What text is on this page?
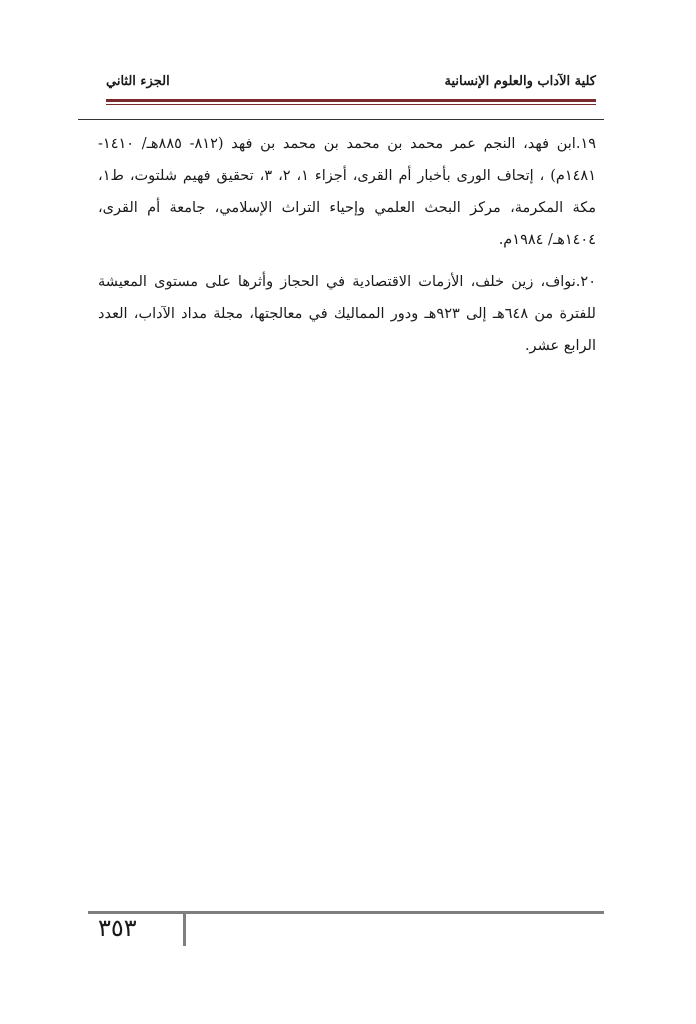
كلية الآداب والعلوم الإنسانية
الجزء الثاني

١٩.ابن فهد، النجم عمر محمد بن محمد بن محمد بن فهد (٨١٢- ٨٨٥هـ/ ١٤١٠- ١٤٨١م) ، إتحاف الورى بأخبار أم القرى، أجزاء ١، ٢، ٣، تحقيق فهيم شلتوت، ط١، مكة المكرمة، مركز البحث العلمي وإحياء التراث الإسلامي، جامعة أم القرى، ١٤٠٤هـ/ ١٩٨٤م.

٢٠.نواف، زين خلف، الأزمات الاقتصادية في الحجاز وأثرها على مستوى المعيشة للفترة من ٦٤٨هـ إلى ٩٢٣هـ ودور المماليك في معالجتها، مجلة مداد الآداب، العدد الرابع عشر.

٣٥٣
